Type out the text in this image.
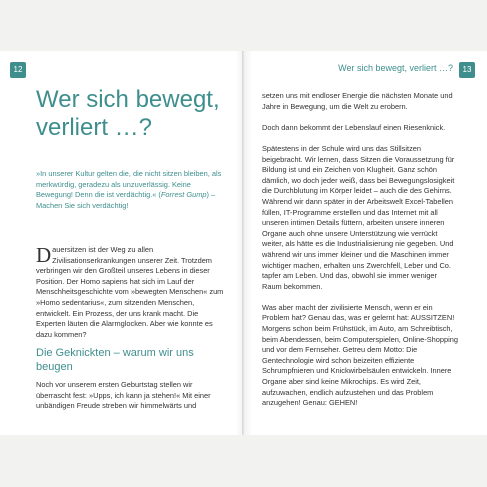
12
Wer sich bewegt,
verliert …?

»In unserer Kultur gelten die, die nicht sitzen bleiben, als merkwürdig, geradezu als unzuverlässig. Keine Bewegung! Denn die ist verdächtig.« (Forrest Gump) – Machen Sie sich verdächtig!

Dauersitzen ist der Weg zu allen Zivilisationserkrankungen unserer Zeit. Trotzdem verbringen wir den Großteil unseres Lebens in dieser Position. Der Homo sapiens hat sich im Lauf der Menschheitsgeschichte vom »bewegten Menschen« zum »Homo sedentarius«, zum sitzenden Menschen, entwickelt. Ein Prozess, der uns krank macht. Die Experten läuten die Alarmglocken. Aber wie konnte es dazu kommen?

Die Geknickten – warum wir uns beugen

Noch vor unserem ersten Geburtstag stellen wir überrascht fest: »Upps, ich kann ja stehen!« Mit einer unbändigen Freude streben wir himmelwärts und

Wer sich bewegt, verliert …?	13

setzen uns mit endloser Energie die nächsten Monate und Jahre in Bewegung, um die Welt zu erobern.

Doch dann bekommt der Lebenslauf einen Riesenknick.

Spätestens in der Schule wird uns das Stillsitzen beigebracht. Wir lernen, dass Sitzen die Voraussetzung für Bildung ist und ein Zeichen von Klugheit. Ganz schön dämlich, wo doch jeder weiß, dass bei Bewegungslosigkeit die Durchblutung im Körper leidet – auch die des Gehirns. Während wir dann später in der Arbeitswelt Excel-Tabellen füllen, IT-Programme erstellen und das Internet mit all unseren intimen Details füttern, arbeiten unsere inneren Organe auch ohne unsere Unterstützung wie verrückt weiter, als hätte es die Industrialisierung nie gegeben. Und während wir uns immer kleiner und die Maschinen immer wichtiger machen, erhalten uns Zwerchfell, Leber und Co. tapfer am Leben. Und das, obwohl sie immer weniger Raum bekommen.

Was aber macht der zivilisierte Mensch, wenn er ein Problem hat? Genau das, was er gelernt hat: AUSSITZEN! Morgens schon beim Frühstück, im Auto, am Schreibtisch, beim Abendessen, beim Computerspielen, Online-Shopping und vor dem Fernseher. Getreu dem Motto: Die Gentechnologie wird schon beizeiten effiziente Schrumpfnieren und Knickwirbelsäulen entwickeln. Innere Organe aber sind keine Mikrochips. Es wird Zeit, aufzuwachen, endlich aufzustehen und das Problem anzugehen! Genau: GEHEN!
